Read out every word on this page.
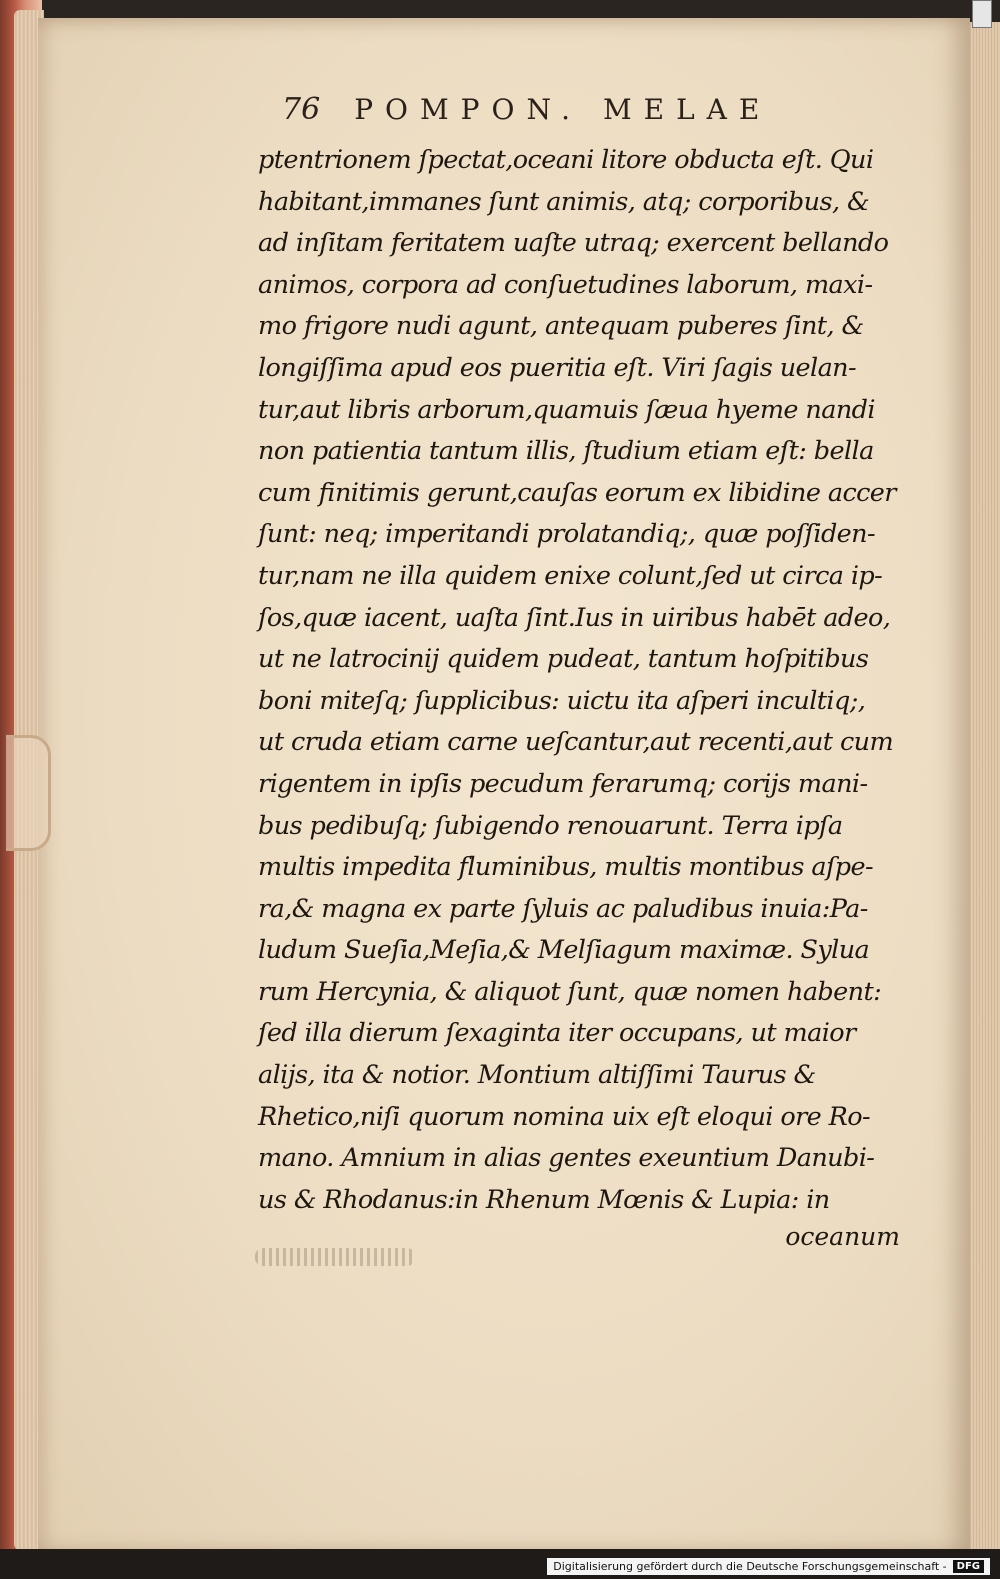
76 POMPON. MELAE
ptentrionem ſpectat,oceani litore obducta eſt. Qui
habitant,immanes ſunt animis, atq; corporibus, &
ad inſitam feritatem uaſte utraq; exercent bellando
animos, corpora ad conſuetudines laborum, maxi-
mo frigore nudi agunt, antequam puberes ſint, &
longiſſima apud eos pueritia eſt. Viri ſagis uelan-
tur,aut libris arborum,quamuis ſæua hyeme nandi
non patientia tantum illis, ſtudium etiam eſt: bella
cum finitimis gerunt,cauſas eorum ex libidine accer
ſunt: neq; imperitandi prolatandiq;, quæ poſſiden-
tur,nam ne illa quidem enixe colunt,ſed ut circa ip-
ſos,quæ iacent, uaſta ſint.Ius in uiribus habēt adeo,
ut ne latrocinij quidem pudeat, tantum hoſpitibus
boni miteſq; ſupplicibus: uictu ita aſperi incultiq;,
ut cruda etiam carne ueſcantur,aut recenti,aut cum
rigentem in ipſis pecudum ferarumq; corijs mani-
bus pedibuſq; ſubigendo renouarunt. Terra ipſa
multis impedita fluminibus, multis montibus aſpe-
ra,& magna ex parte ſyluis ac paludibus inuia:Pa-
ludum Sueſia,Meſia,& Melſiagum maximæ. Sylua
rum Hercynia, & aliquot ſunt, quæ nomen habent:
ſed illa dierum ſexaginta iter occupans, ut maior
alijs, ita & notior. Montium altiſſimi Taurus &
Rhetico,niſi quorum nomina uix eſt eloqui ore Ro-
mano. Amnium in alias gentes exeuntium Danubi-
us & Rhodanus:in Rhenum Mœnis & Lupia: in
oceanum
Digitalisierung gefördert durch die Deutsche Forschungsgemeinschaft -	DFG
